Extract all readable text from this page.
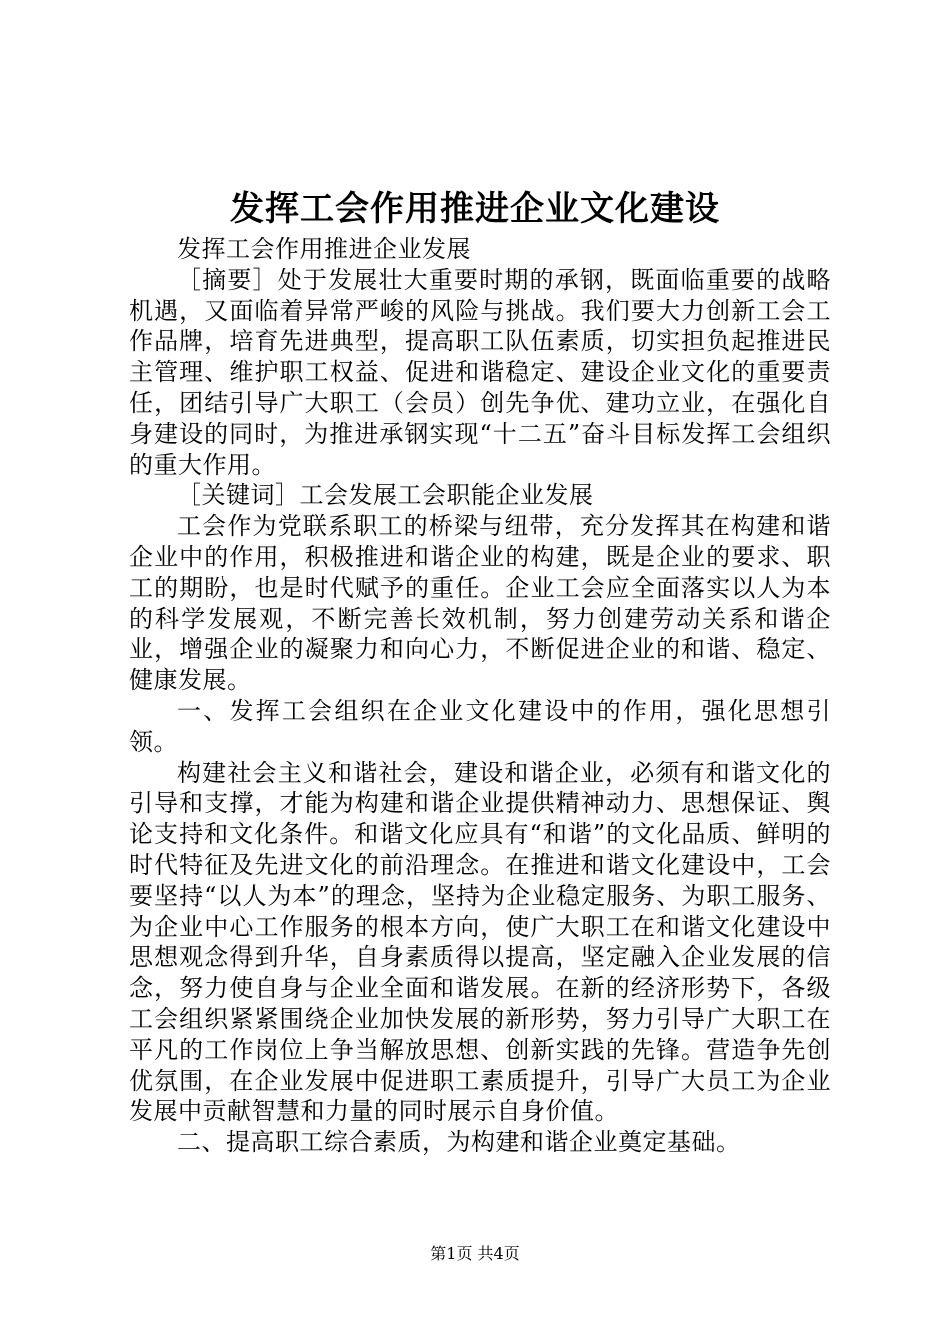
发挥工会作用推进企业文化建设

发挥工会作用推进企业发展

［摘要］处于发展壮大重要时期的承钢，既面临重要的战略机遇，又面临着异常严峻的风险与挑战。我们要大力创新工会工作品牌，培育先进典型，提高职工队伍素质，切实担负起推进民主管理、维护职工权益、促进和谐稳定、建设企业文化的重要责任，团结引导广大职工（会员）创先争优、建功立业，在强化自身建设的同时，为推进承钢实现“十二五”奋斗目标发挥工会组织的重大作用。

［关键词］工会发展工会职能企业发展

工会作为党联系职工的桥梁与纽带，充分发挥其在构建和谐企业中的作用，积极推进和谐企业的构建，既是企业的要求、职工的期盼，也是时代赋予的重任。企业工会应全面落实以人为本的科学发展观，不断完善长效机制，努力创建劳动关系和谐企业，增强企业的凝聚力和向心力，不断促进企业的和谐、稳定、健康发展。

一、发挥工会组织在企业文化建设中的作用，强化思想引领。

构建社会主义和谐社会，建设和谐企业，必须有和谐文化的引导和支撑，才能为构建和谐企业提供精神动力、思想保证、舆论支持和文化条件。和谐文化应具有“和谐”的文化品质、鲜明的时代特征及先进文化的前沿理念。在推进和谐文化建设中，工会要坚持“以人为本”的理念，坚持为企业稳定服务、为职工服务、为企业中心工作服务的根本方向，使广大职工在和谐文化建设中思想观念得到升华，自身素质得以提高，坚定融入企业发展的信念，努力使自身与企业全面和谐发展。在新的经济形势下，各级工会组织紧紧围绕企业加快发展的新形势，努力引导广大职工在平凡的工作岗位上争当解放思想、创新实践的先锋。营造争先创优氛围，在企业发展中促进职工素质提升，引导广大员工为企业发展中贡献智慧和力量的同时展示自身价值。

二、提高职工综合素质，为构建和谐企业奠定基础。

第1页 共4页
